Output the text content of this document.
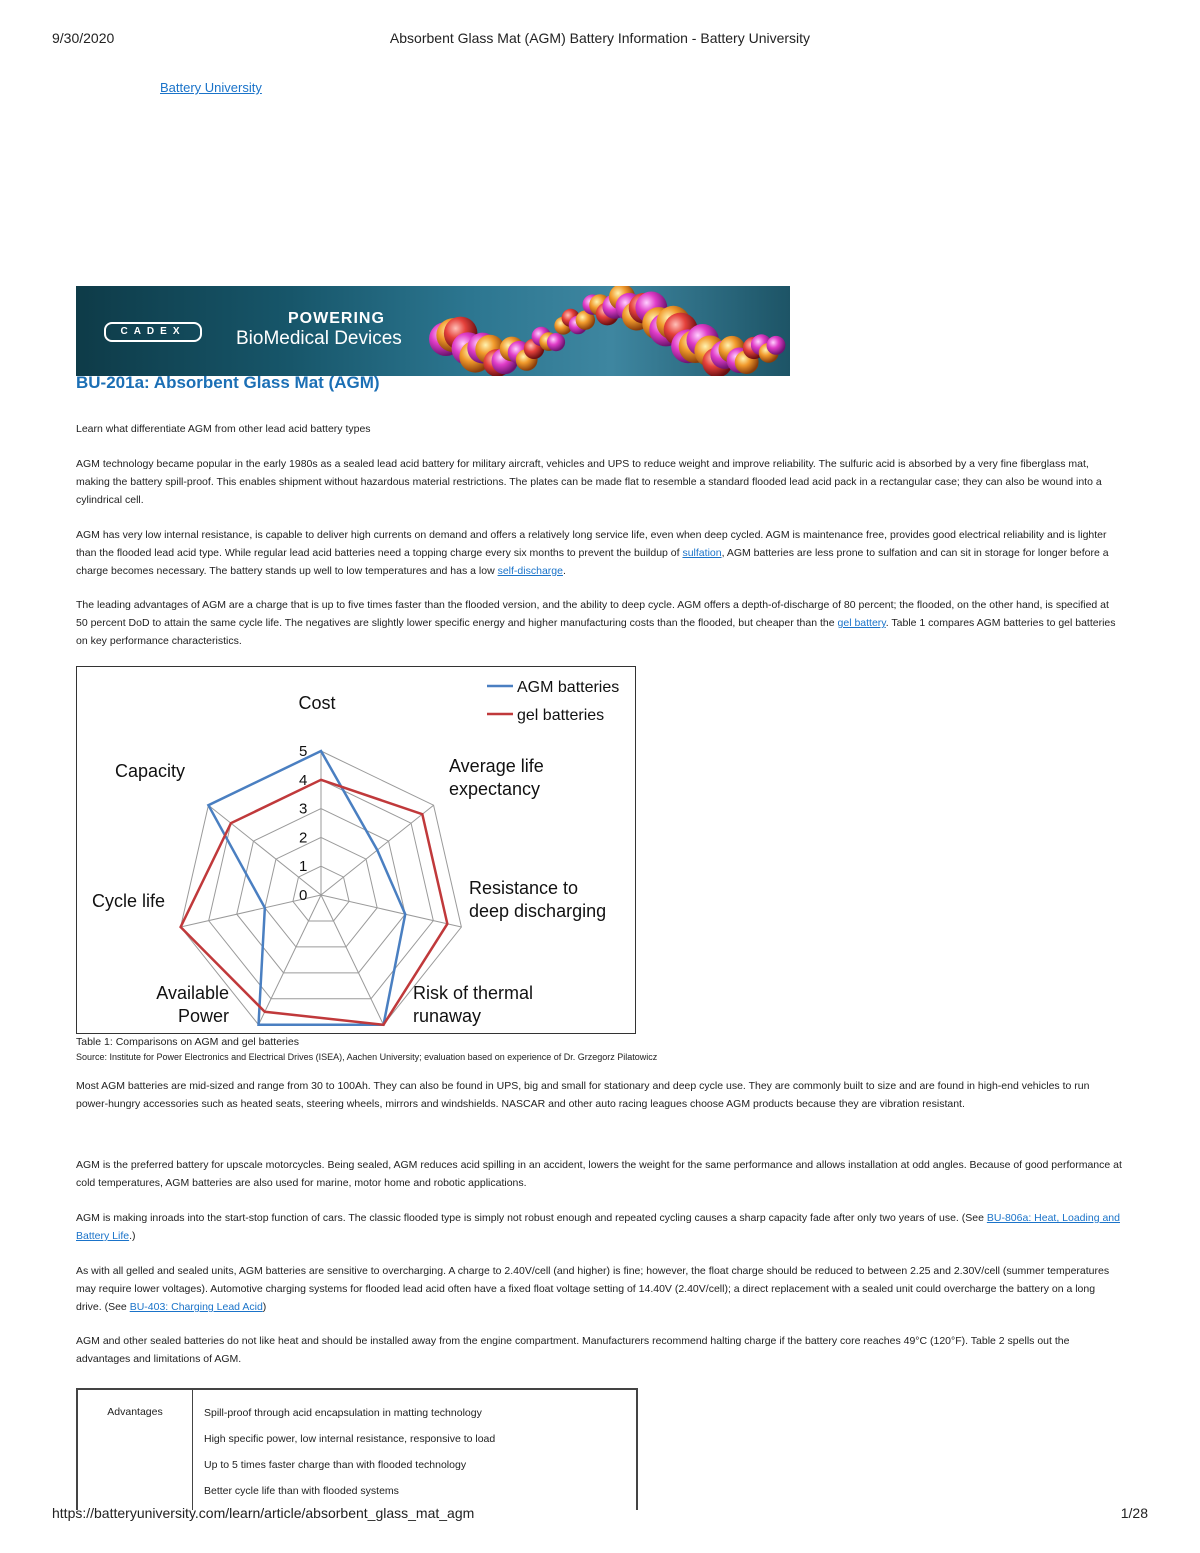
9/30/2020	Absorbent Glass Mat (AGM) Battery Information - Battery University
Battery University
CADEX
POWERING
BioMedical Devices
BU-201a: Absorbent Glass Mat (AGM)

Learn what differentiate AGM from other lead acid battery types

AGM technology became popular in the early 1980s as a sealed lead acid battery for military aircraft, vehicles and UPS to reduce weight and improve reliability. The sulfuric acid is absorbed by a very fine fiberglass mat, making the battery spill-proof. This enables shipment without hazardous material restrictions. The plates can be made flat to resemble a standard flooded lead acid pack in a rectangular case; they can also be wound into a cylindrical cell.

AGM has very low internal resistance, is capable to deliver high currents on demand and offers a relatively long service life, even when deep cycled. AGM is maintenance free, provides good electrical reliability and is lighter than the flooded lead acid type. While regular lead acid batteries need a topping charge every six months to prevent the buildup of sulfation, AGM batteries are less prone to sulfation and can sit in storage for longer before a charge becomes necessary. The battery stands up well to low temperatures and has a low self-discharge.

The leading advantages of AGM are a charge that is up to five times faster than the flooded version, and the ability to deep cycle. AGM offers a depth-of-discharge of 80 percent; the flooded, on the other hand, is specified at 50 percent DoD to attain the same cycle life. The negatives are slightly lower specific energy and higher manufacturing costs than the flooded, but cheaper than the gel battery. Table 1 compares AGM batteries to gel batteries on key performance characteristics.

0
1
2
3
4
5
Cost
Average life
expectancy
Resistance to
deep discharging
Risk of thermal
runaway
Available
Power
Cycle life
Capacity
AGM batteries
gel batteries
Table 1: Comparisons on AGM and gel batteries
Source: Institute for Power Electronics and Electrical Drives (ISEA), Aachen University; evaluation based on experience of Dr. Grzegorz Pilatowicz

Most AGM batteries are mid-sized and range from 30 to 100Ah. They can also be found in UPS, big and small for stationary and deep cycle use. They are commonly built to size and are found in high-end vehicles to run power-hungry accessories such as heated seats, steering wheels, mirrors and windshields. NASCAR and other auto racing leagues choose AGM products because they are vibration resistant.

AGM is the preferred battery for upscale motorcycles. Being sealed, AGM reduces acid spilling in an accident, lowers the weight for the same performance and allows installation at odd angles. Because of good performance at cold temperatures, AGM batteries are also used for marine, motor home and robotic applications.

AGM is making inroads into the start-stop function of cars. The classic flooded type is simply not robust enough and repeated cycling causes a sharp capacity fade after only two years of use. (See BU-806a: Heat, Loading and Battery Life.)

As with all gelled and sealed units, AGM batteries are sensitive to overcharging. A charge to 2.40V/cell (and higher) is fine; however, the float charge should be reduced to between 2.25 and 2.30V/cell (summer temperatures may require lower voltages). Automotive charging systems for flooded lead acid often have a fixed float voltage setting of 14.40V (2.40V/cell); a direct replacement with a sealed unit could overcharge the battery on a long drive. (See BU-403: Charging Lead Acid)

AGM and other sealed batteries do not like heat and should be installed away from the engine compartment. Manufacturers recommend halting charge if the battery core reaches 49°C (120°F). Table 2 spells out the advantages and limitations of AGM.

Advantages	Spill-proof through acid encapsulation in matting technology
High specific power, low internal resistance, responsive to load
Up to 5 times faster charge than with flooded technology
Better cycle life than with flooded systems
https://batteryuniversity.com/learn/article/absorbent_glass_mat_agm	1/28
